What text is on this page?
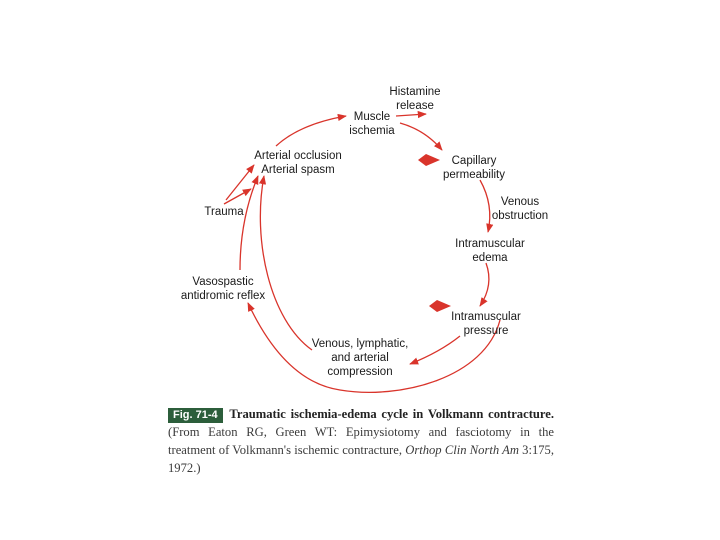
Histamine
release
Muscle
ischemia
Arterial occlusion
Arterial spasm
Capillary
permeability
Venous
obstruction
Trauma
Intramuscular
edema
Vasospastic
antidromic reflex
Intramuscular
pressure
Venous, lymphatic,
and arterial
compression
Fig. 71-4 Traumatic ischemia-edema cycle in Volkmann contracture. (From Eaton RG, Green WT: Epimysiotomy and fasciotomy in the treatment of Volkmann's ischemic contracture, Orthop Clin North Am 3:175, 1972.)
